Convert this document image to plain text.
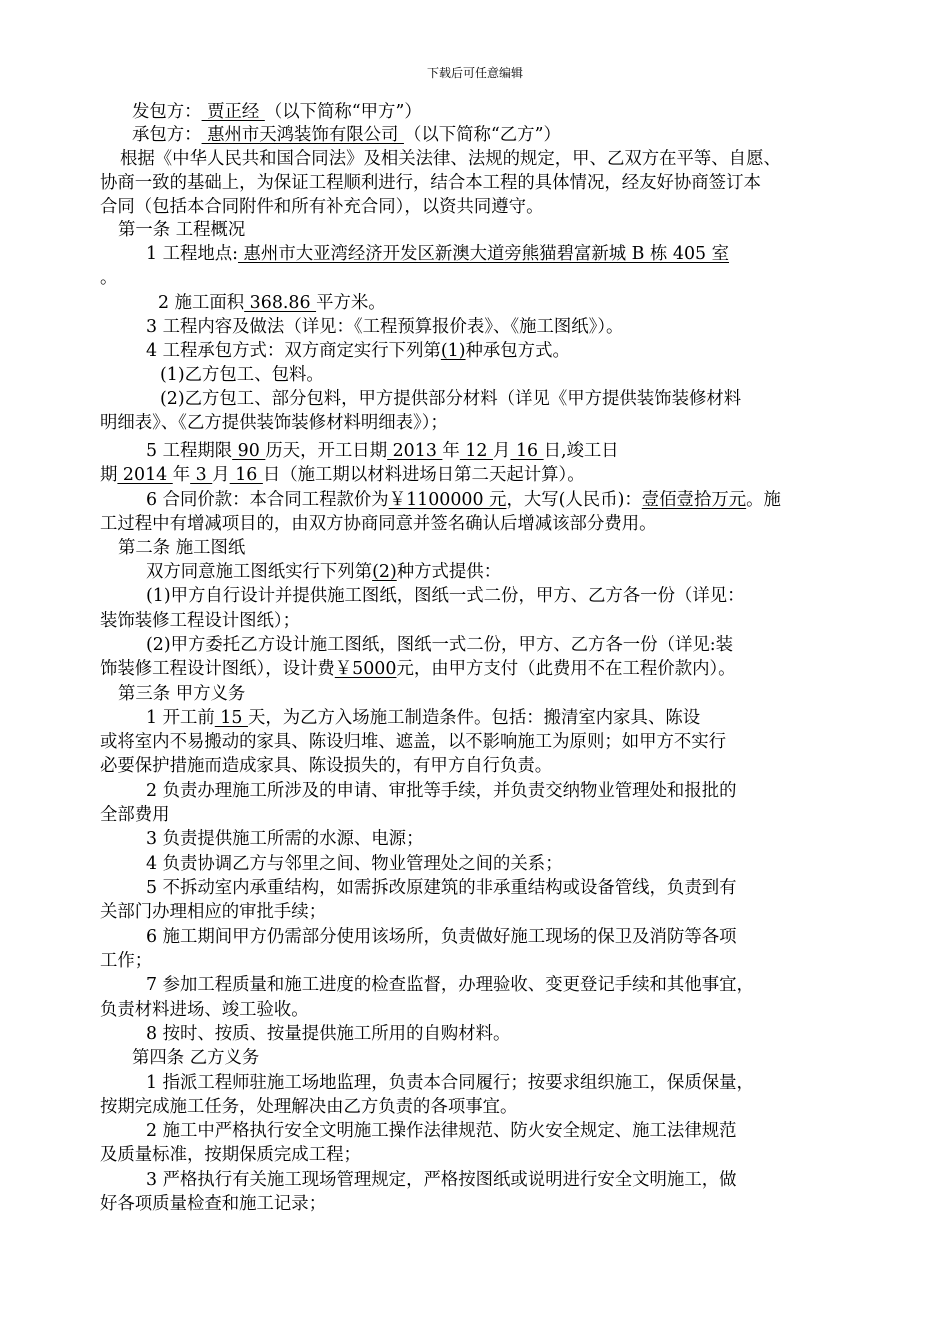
下载后可任意编辑
发包方： 贾正经 （以下简称“甲方”）
承包方： 惠州市天鸿装饰有限公司 （以下简称“乙方”）
根据《中华人民共和国合同法》及相关法律、法规的规定，甲、乙双方在平等、自愿、
协商一致的基础上，为保证工程顺利进行，结合本工程的具体情况，经友好协商签订本
合同（包括本合同附件和所有补充合同），以资共同遵守。
第一条 工程概况
1 工程地点: 惠州市大亚湾经济开发区新澳大道旁熊猫碧富新城 B 栋 405 室
。
2 施工面积 368.86 平方米。
3 工程内容及做法（详见：《工程预算报价表》、《施工图纸》）。
4 工程承包方式：双方商定实行下列第(1)种承包方式。
(1)乙方包工、包料。
(2)乙方包工、部分包料，甲方提供部分材料（详见《甲方提供装饰装修材料
明细表》、《乙方提供装饰装修材料明细表》）；
5 工程期限 90 历天，开工日期 2013 年 12 月 16 日,竣工日
期 2014 年 3 月 16 日（施工期以材料进场日第二天起计算）。
6 合同价款：本合同工程款价为￥1100000 元，大写(人民币)：壹佰壹拾万元。施
工过程中有增减项目的，由双方协商同意并签名确认后增减该部分费用。
第二条 施工图纸
双方同意施工图纸实行下列第(2)种方式提供：
(1)甲方自行设计并提供施工图纸，图纸一式二份，甲方、乙方各一份（详见：
装饰装修工程设计图纸）；
(2)甲方委托乙方设计施工图纸，图纸一式二份，甲方、乙方各一份（详见:装
饰装修工程设计图纸），设计费￥5000元，由甲方支付（此费用不在工程价款内）。
第三条 甲方义务
1 开工前 15 天，为乙方入场施工制造条件。包括：搬清室内家具、陈设
或将室内不易搬动的家具、陈设归堆、遮盖，以不影响施工为原则；如甲方不实行
必要保护措施而造成家具、陈设损失的，有甲方自行负责。
2 负责办理施工所涉及的申请、审批等手续，并负责交纳物业管理处和报批的
全部费用
3 负责提供施工所需的水源、电源；
4 负责协调乙方与邻里之间、物业管理处之间的关系；
5 不拆动室内承重结构，如需拆改原建筑的非承重结构或设备管线，负责到有
关部门办理相应的审批手续；
6 施工期间甲方仍需部分使用该场所，负责做好施工现场的保卫及消防等各项
工作；
7 参加工程质量和施工进度的检查监督，办理验收、变更登记手续和其他事宜，
负责材料进场、竣工验收。
8 按时、按质、按量提供施工所用的自购材料。
第四条 乙方义务
1 指派工程师驻施工场地监理，负责本合同履行；按要求组织施工，保质保量，
按期完成施工任务，处理解决由乙方负责的各项事宜。
2 施工中严格执行安全文明施工操作法律规范、防火安全规定、施工法律规范
及质量标准，按期保质完成工程；
3 严格执行有关施工现场管理规定，严格按图纸或说明进行安全文明施工，做
好各项质量检查和施工记录；
